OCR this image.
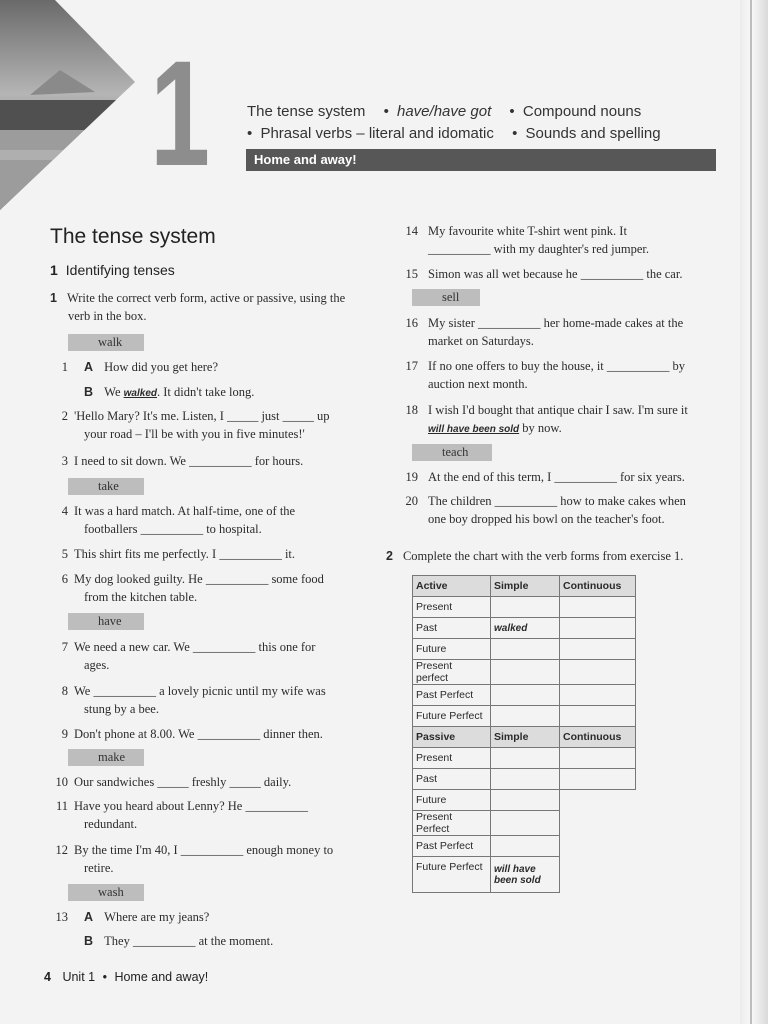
1	The tense system • have/have got • Compound nouns
• Phrasal verbs – literal and idomatic • Sounds and spelling
Home and away!
The tense system
1 Identifying tenses
1 Write the correct verb form, active or passive, using the
verb in the box.
walk
1 A How did you get here?
B We walked. It didn't take long.
2 'Hello Mary? It's me. Listen, I _____ just _____ up
your road – I'll be with you in five minutes!'
3 I need to sit down. We __________ for hours.
take
4 It was a hard match. At half-time, one of the
footballers __________ to hospital.
5 This shirt fits me perfectly. I __________ it.
6 My dog looked guilty. He __________ some food
from the kitchen table.
have
7 We need a new car. We __________ this one for
ages.
8 We __________ a lovely picnic until my wife was
stung by a bee.
9 Don't phone at 8.00. We __________ dinner then.
make
10 Our sandwiches _____ freshly _____ daily.
11 Have you heard about Lenny? He __________
redundant.
12 By the time I'm 40, I __________ enough money to
retire.
wash
13 A Where are my jeans?
B They __________ at the moment.
4 Unit 1 • Home and away!
14 My favourite white T-shirt went pink. It
__________ with my daughter's red jumper.
15 Simon was all wet because he __________ the car.
sell
16 My sister __________ her home-made cakes at the
market on Saturdays.
17 If no one offers to buy the house, it __________ by
auction next month.
18 I wish I'd bought that antique chair I saw. I'm sure it
will have been sold by now.
teach
19 At the end of this term, I __________ for six years.
20 The children __________ how to make cakes when
one boy dropped his bowl on the teacher's foot.
2 Complete the chart with the verb forms from exercise 1.
Active	Simple	Continuous
Present		
Past	walked	
Future		
Present perfect		
Past Perfect		
Future Perfect		
Passive	Simple	Continuous
Present		
Past		
Future		
Present Perfect		
Past Perfect		
Future Perfect	will have been sold	
